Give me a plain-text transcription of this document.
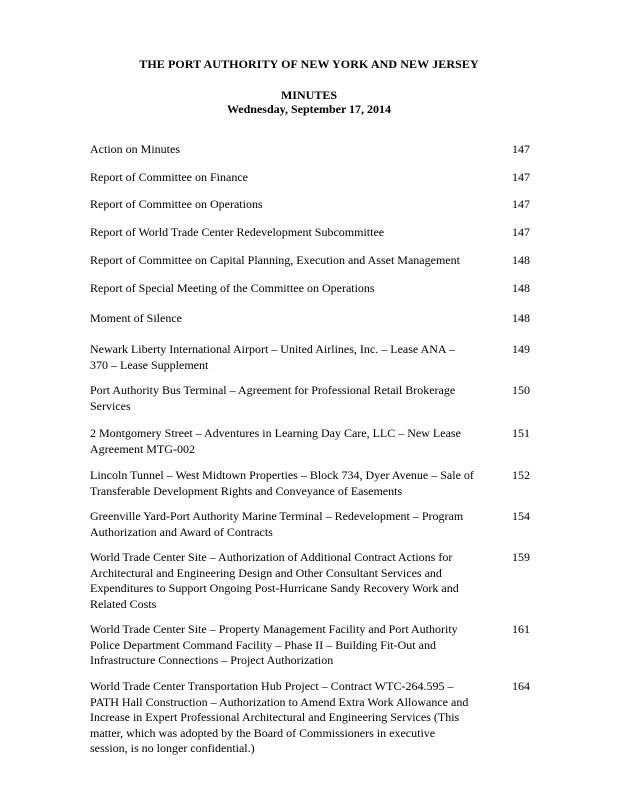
THE PORT AUTHORITY OF NEW YORK AND NEW JERSEY
MINUTES
Wednesday, September 17, 2014
Action on Minutes	147
Report of Committee on Finance	147
Report of Committee on Operations	147
Report of World Trade Center Redevelopment Subcommittee	147
Report of Committee on Capital Planning, Execution and Asset Management	148
Report of Special Meeting of the Committee on Operations	148
Moment of Silence	148
Newark Liberty International Airport – United Airlines, Inc. – Lease ANA – 370 – Lease Supplement
149
Port Authority Bus Terminal – Agreement for Professional Retail Brokerage Services
150
2 Montgomery Street – Adventures in Learning Day Care, LLC – New Lease Agreement MTG-002
151
Lincoln Tunnel – West Midtown Properties – Block 734, Dyer Avenue – Sale of Transferable Development Rights and Conveyance of Easements
152
Greenville Yard-Port Authority Marine Terminal – Redevelopment – Program Authorization and Award of Contracts
154
World Trade Center Site – Authorization of Additional Contract Actions for Architectural and Engineering Design and Other Consultant Services and Expenditures to Support Ongoing Post-Hurricane Sandy Recovery Work and Related Costs
159
World Trade Center Site – Property Management Facility and Port Authority Police Department Command Facility – Phase II – Building Fit-Out and Infrastructure Connections – Project Authorization
161
World Trade Center Transportation Hub Project – Contract WTC-264.595 – PATH Hall Construction – Authorization to Amend Extra Work Allowance and Increase in Expert Professional Architectural and Engineering Services (This matter, which was adopted by the Board of Commissioners in executive session, is no longer confidential.)
164
